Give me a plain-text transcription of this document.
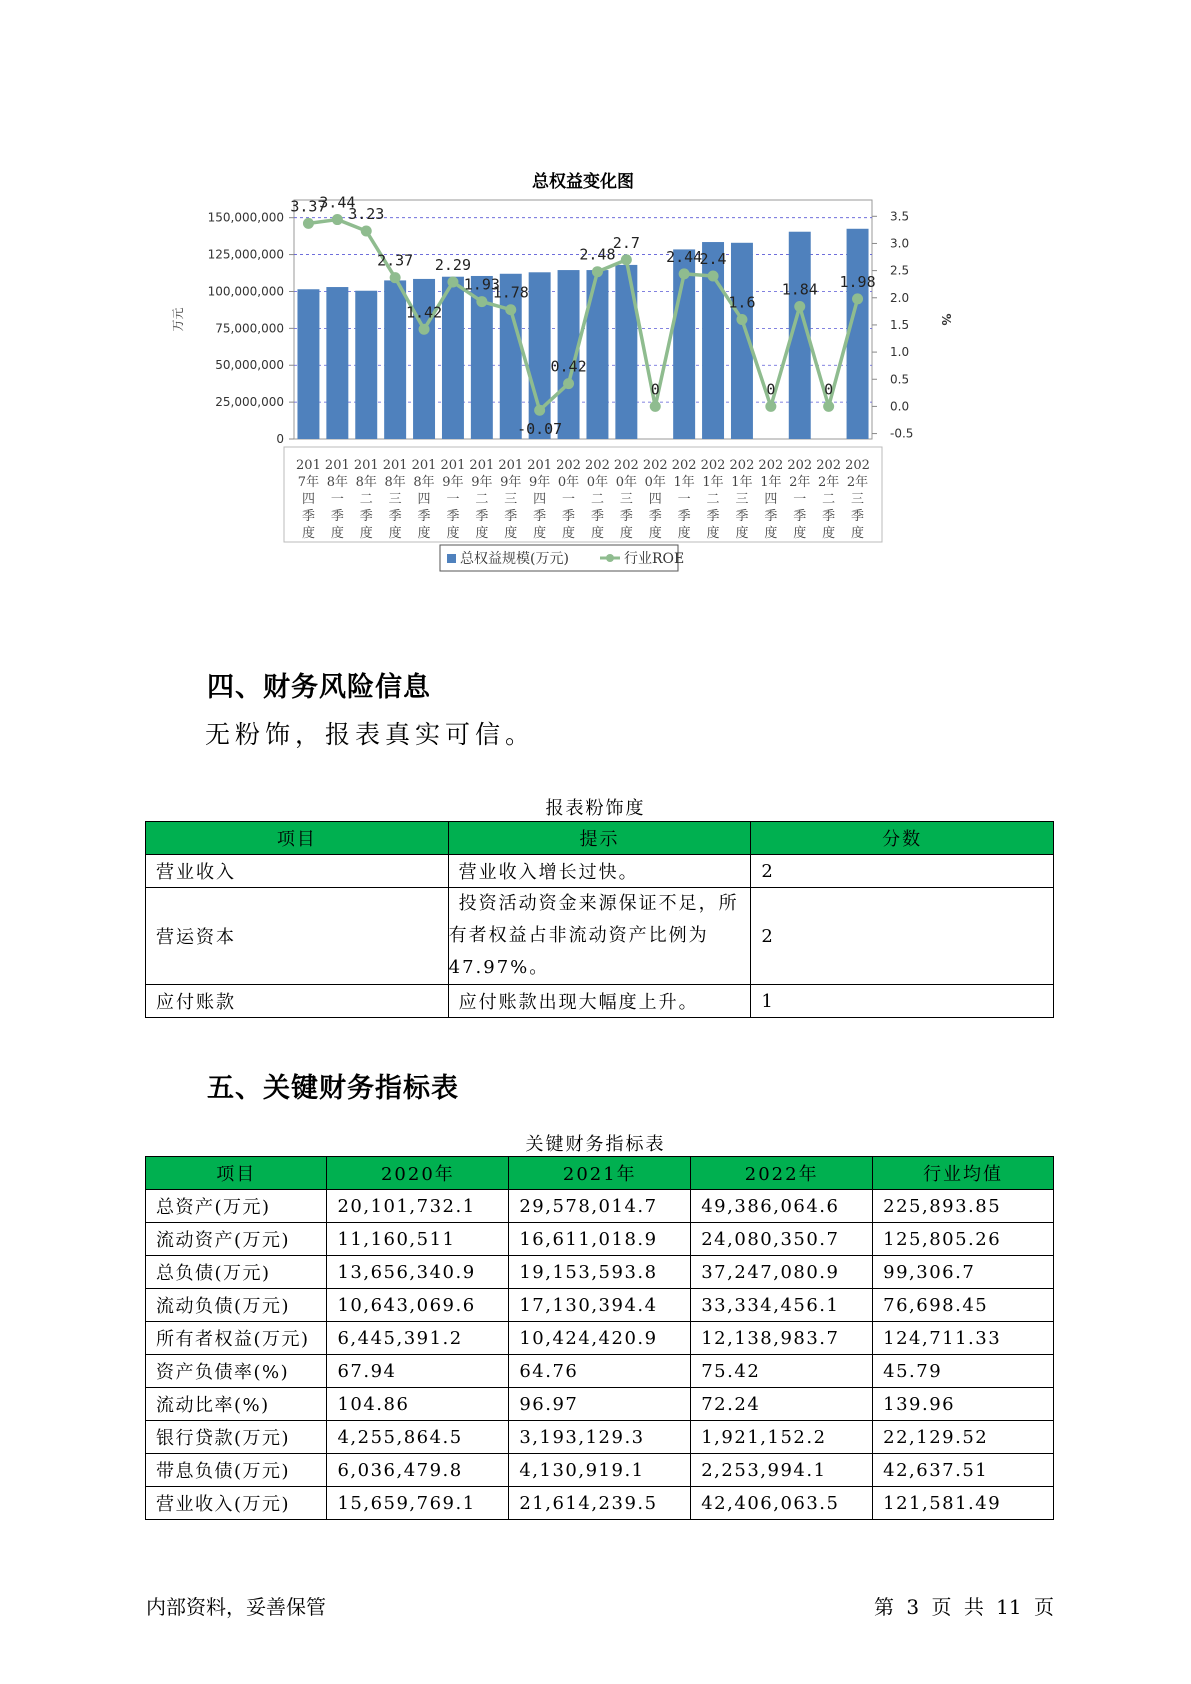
总权益变化图
0
25,000,000
50,000,000
75,000,000
100,000,000
125,000,000
150,000,000
-0.5
0.0
0.5
1.0
1.5
2.0
2.5
3.0
3.5
万元	%
201
7年
四
季
度
201
8年
一
季
度
201
8年
二
季
度
201
8年
三
季
度
201
8年
四
季
度
201
9年
一
季
度
201
9年
二
季
度
201
9年
三
季
度
201
9年
四
季
度
202
0年
一
季
度
202
0年
二
季
度
202
0年
三
季
度
202
0年
四
季
度
202
1年
一
季
度
202
1年
二
季
度
202
1年
三
季
度
202
1年
四
季
度
202
2年
一
季
度
202
2年
二
季
度
202
2年
三
季
度
3.37
3.44
3.23
2.37
1.42
2.29
1.93
1.78
-0.07
0.42
2.48
2.7
0
2.44
2.4
1.6
0
1.84
0
1.98
总权益规模(万元)	行业ROE
四、财务风险信息
无粉饰，报表真实可信。
报表粉饰度
项目	提示	分数
营业收入	营业收入增长过快。	2
营运资本	投资活动资金来源保证不足，所
有者权益占非流动资产比例为
47.97%。	2
应付账款	应付账款出现大幅度上升。	1
五、关键财务指标表
关键财务指标表
项目	2020年	2021年	2022年	行业均值
总资产(万元)	20,101,732.1	29,578,014.7	49,386,064.6	225,893.85
流动资产(万元)	11,160,511	16,611,018.9	24,080,350.7	125,805.26
总负债(万元)	13,656,340.9	19,153,593.8	37,247,080.9	99,306.7
流动负债(万元)	10,643,069.6	17,130,394.4	33,334,456.1	76,698.45
所有者权益(万元)	6,445,391.2	10,424,420.9	12,138,983.7	124,711.33
资产负债率(%)	67.94	64.76	75.42	45.79
流动比率(%)	104.86	96.97	72.24	139.96
银行贷款(万元)	4,255,864.5	3,193,129.3	1,921,152.2	22,129.52
带息负债(万元)	6,036,479.8	4,130,919.1	2,253,994.1	42,637.51
营业收入(万元)	15,659,769.1	21,614,239.5	42,406,063.5	121,581.49
内部资料，妥善保管	第 3 页 共 11 页
